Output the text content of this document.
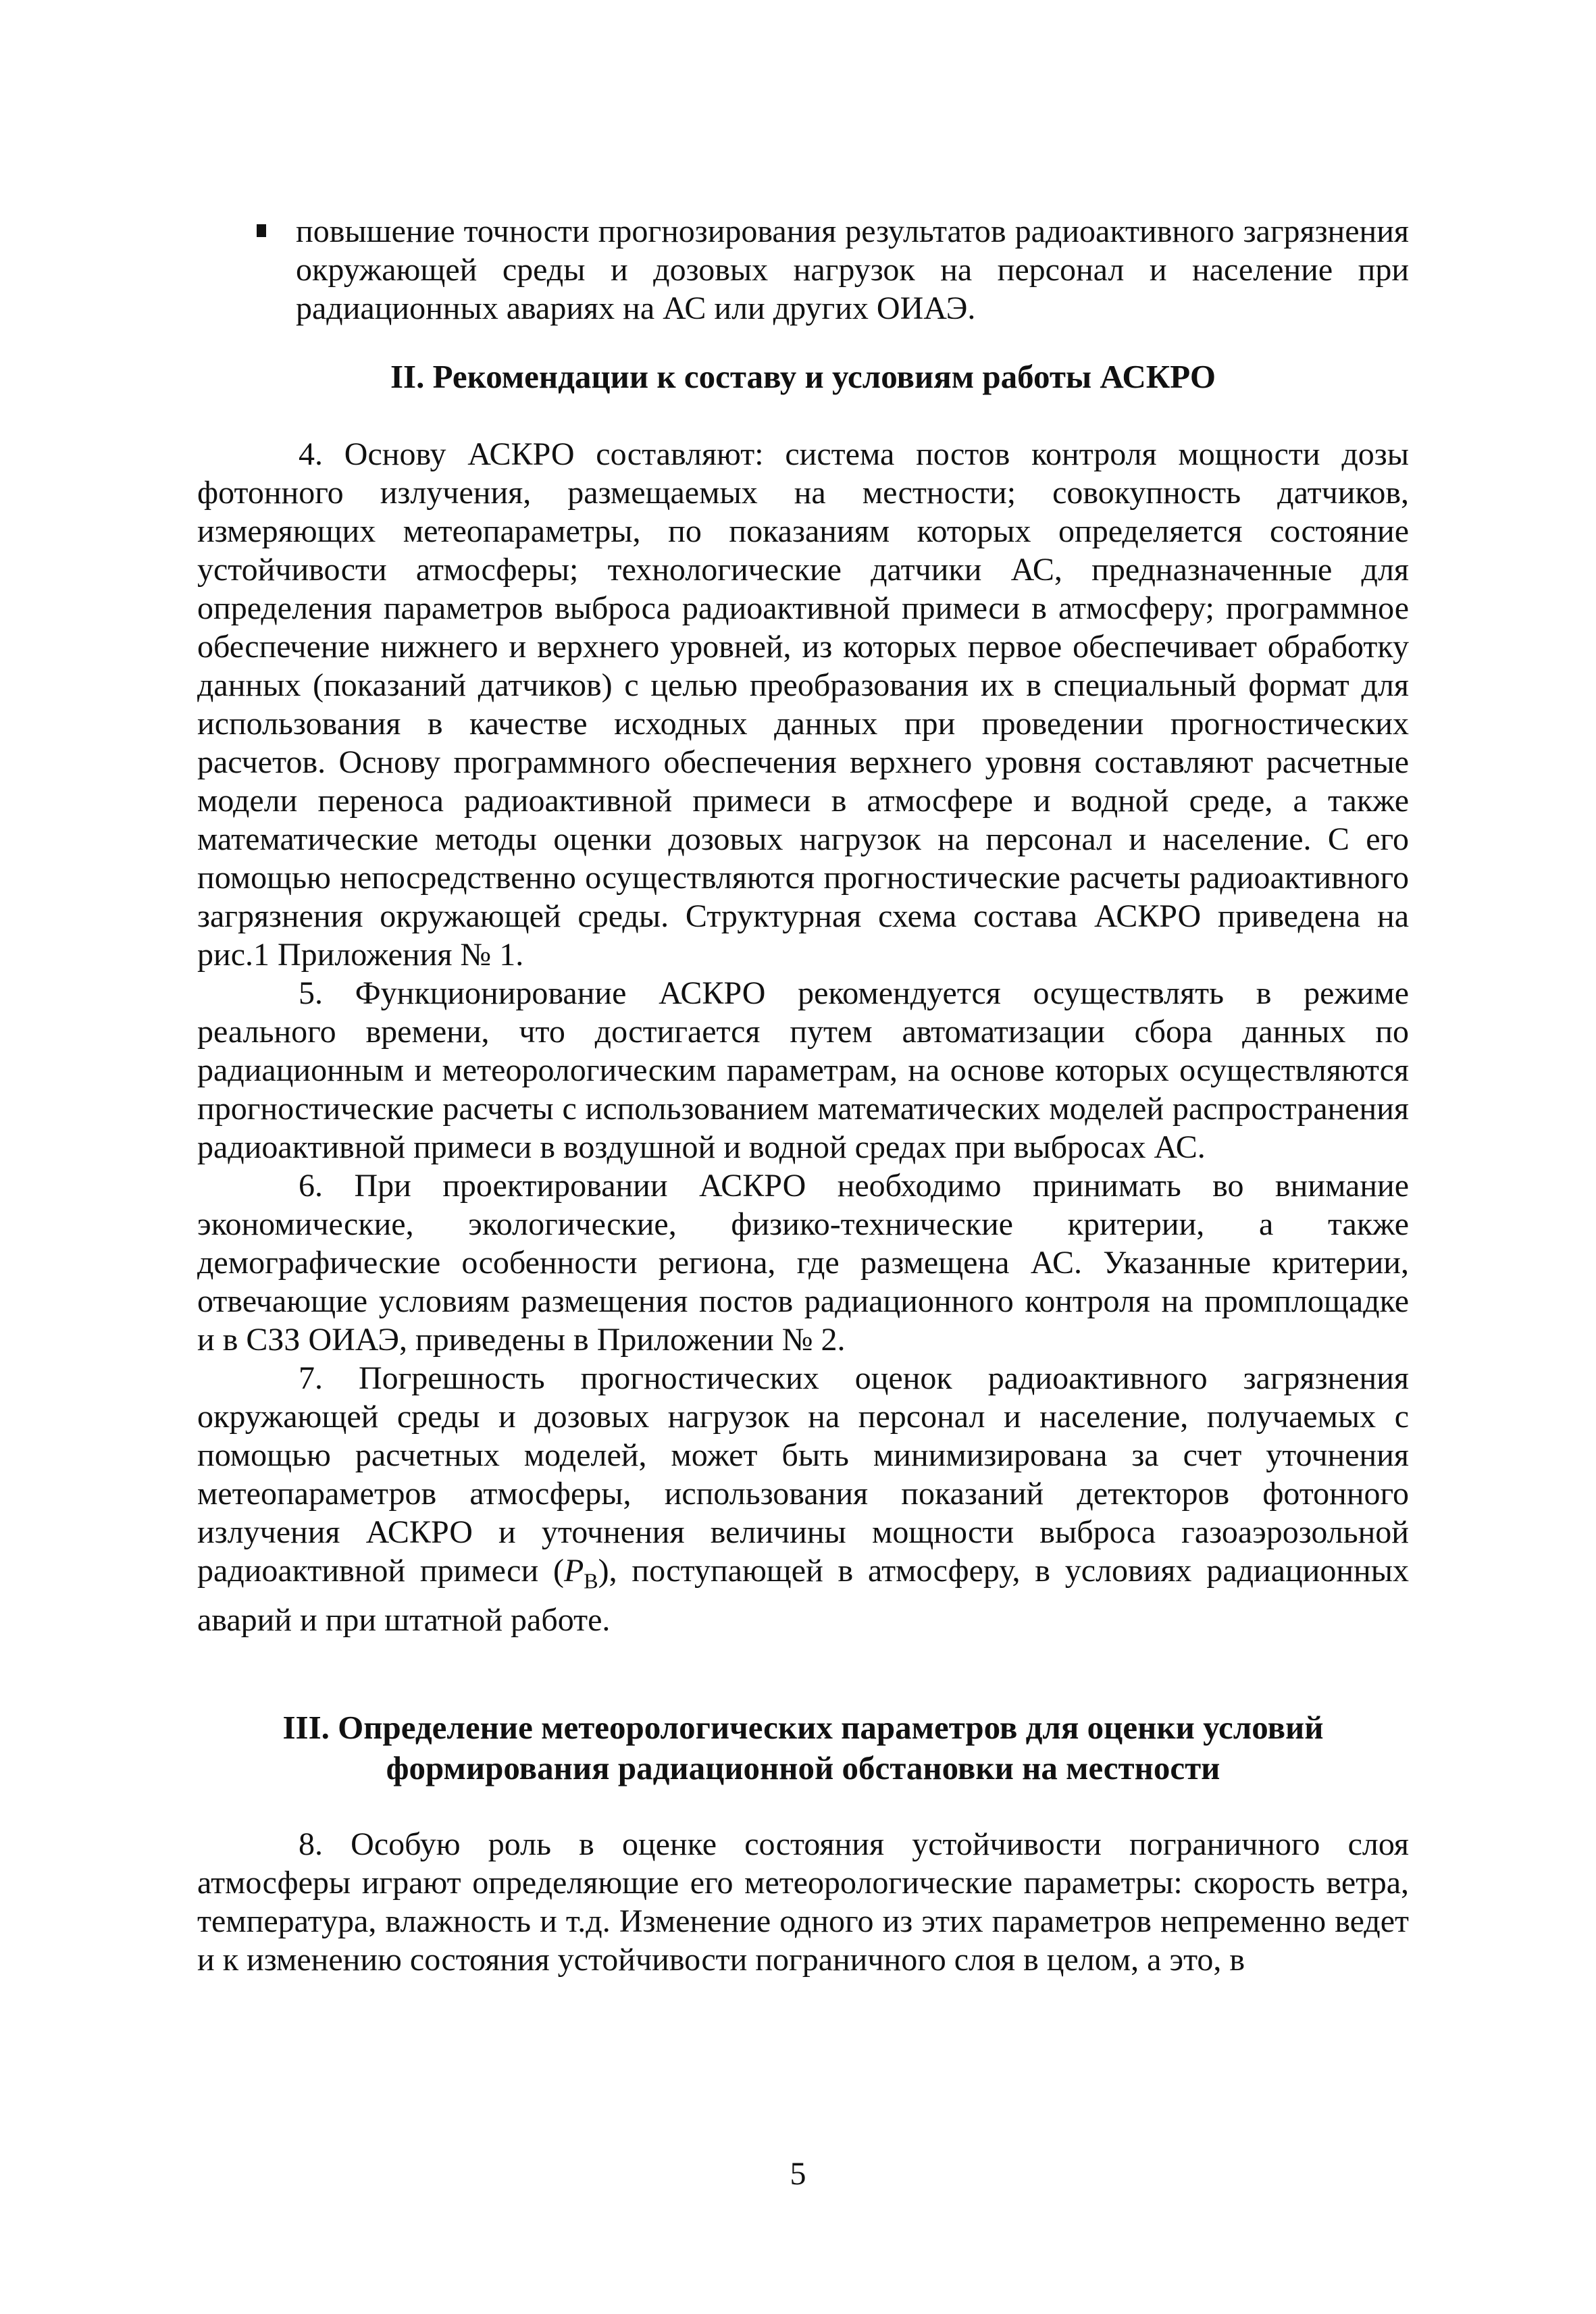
повышение точности прогнозирования результатов радиоактивного загрязнения окружающей среды и дозовых нагрузок на персонал и население при радиационных авариях на АС или других ОИАЭ.
II. Рекомендации к составу и условиям работы АСКРО

4. Основу АСКРО составляют: система постов контроля мощности дозы фотонного излучения, размещаемых на местности; совокупность датчиков, измеряющих метеопараметры, по показаниям которых определяется состояние устойчивости атмосферы; технологические датчики АС, предназначенные для определения параметров выброса радиоактивной примеси в атмосферу; программное обеспечение нижнего и верхнего уровней, из которых первое обеспечивает обработку данных (показаний датчиков) с целью преобразования их в специальный формат для использования в качестве исходных данных при проведении прогностических расчетов. Основу программного обеспечения верхнего уровня составляют расчетные модели переноса радиоактивной примеси в атмосфере и водной среде, а также математические методы оценки дозовых нагрузок на персонал и население. С его помощью непосредственно осуществляются прогностические расчеты радиоактивного загрязнения окружающей среды. Структурная схема состава АСКРО приведена на рис.1 Приложения № 1.

5. Функционирование АСКРО рекомендуется осуществлять в режиме реального времени, что достигается путем автоматизации сбора данных по радиационным и метеорологическим параметрам, на основе которых осуществляются прогностические расчеты с использованием математических моделей распространения радиоактивной примеси в воздушной и водной средах при выбросах АС.

6. При проектировании АСКРО необходимо принимать во внимание экономические, экологические, физико-технические критерии, а также демографические особенности региона, где размещена АС. Указанные критерии, отвечающие условиям размещения постов радиационного контроля на промплощадке и в СЗЗ ОИАЭ, приведены в Приложении № 2.

7. Погрешность прогностических оценок радиоактивного загрязнения окружающей среды и дозовых нагрузок на персонал и население, получаемых с помощью расчетных моделей, может быть минимизирована за счет уточнения метеопараметров атмосферы, использования показаний детекторов фотонного излучения АСКРО и уточнения величины мощности выброса газоаэрозольной радиоактивной примеси $(P_B)$, поступающей в атмосферу, в условиях радиационных аварий и при штатной работе.

III. Определение метеорологических параметров для оценки условий
формирования радиационной обстановки на местности

8. Особую роль в оценке состояния устойчивости пограничного слоя атмосферы играют определяющие его метеорологические параметры: скорость ветра, температура, влажность и т.д. Изменение одного из этих параметров непременно ведет и к изменению состояния устойчивости пограничного слоя в целом, а это, в

5
